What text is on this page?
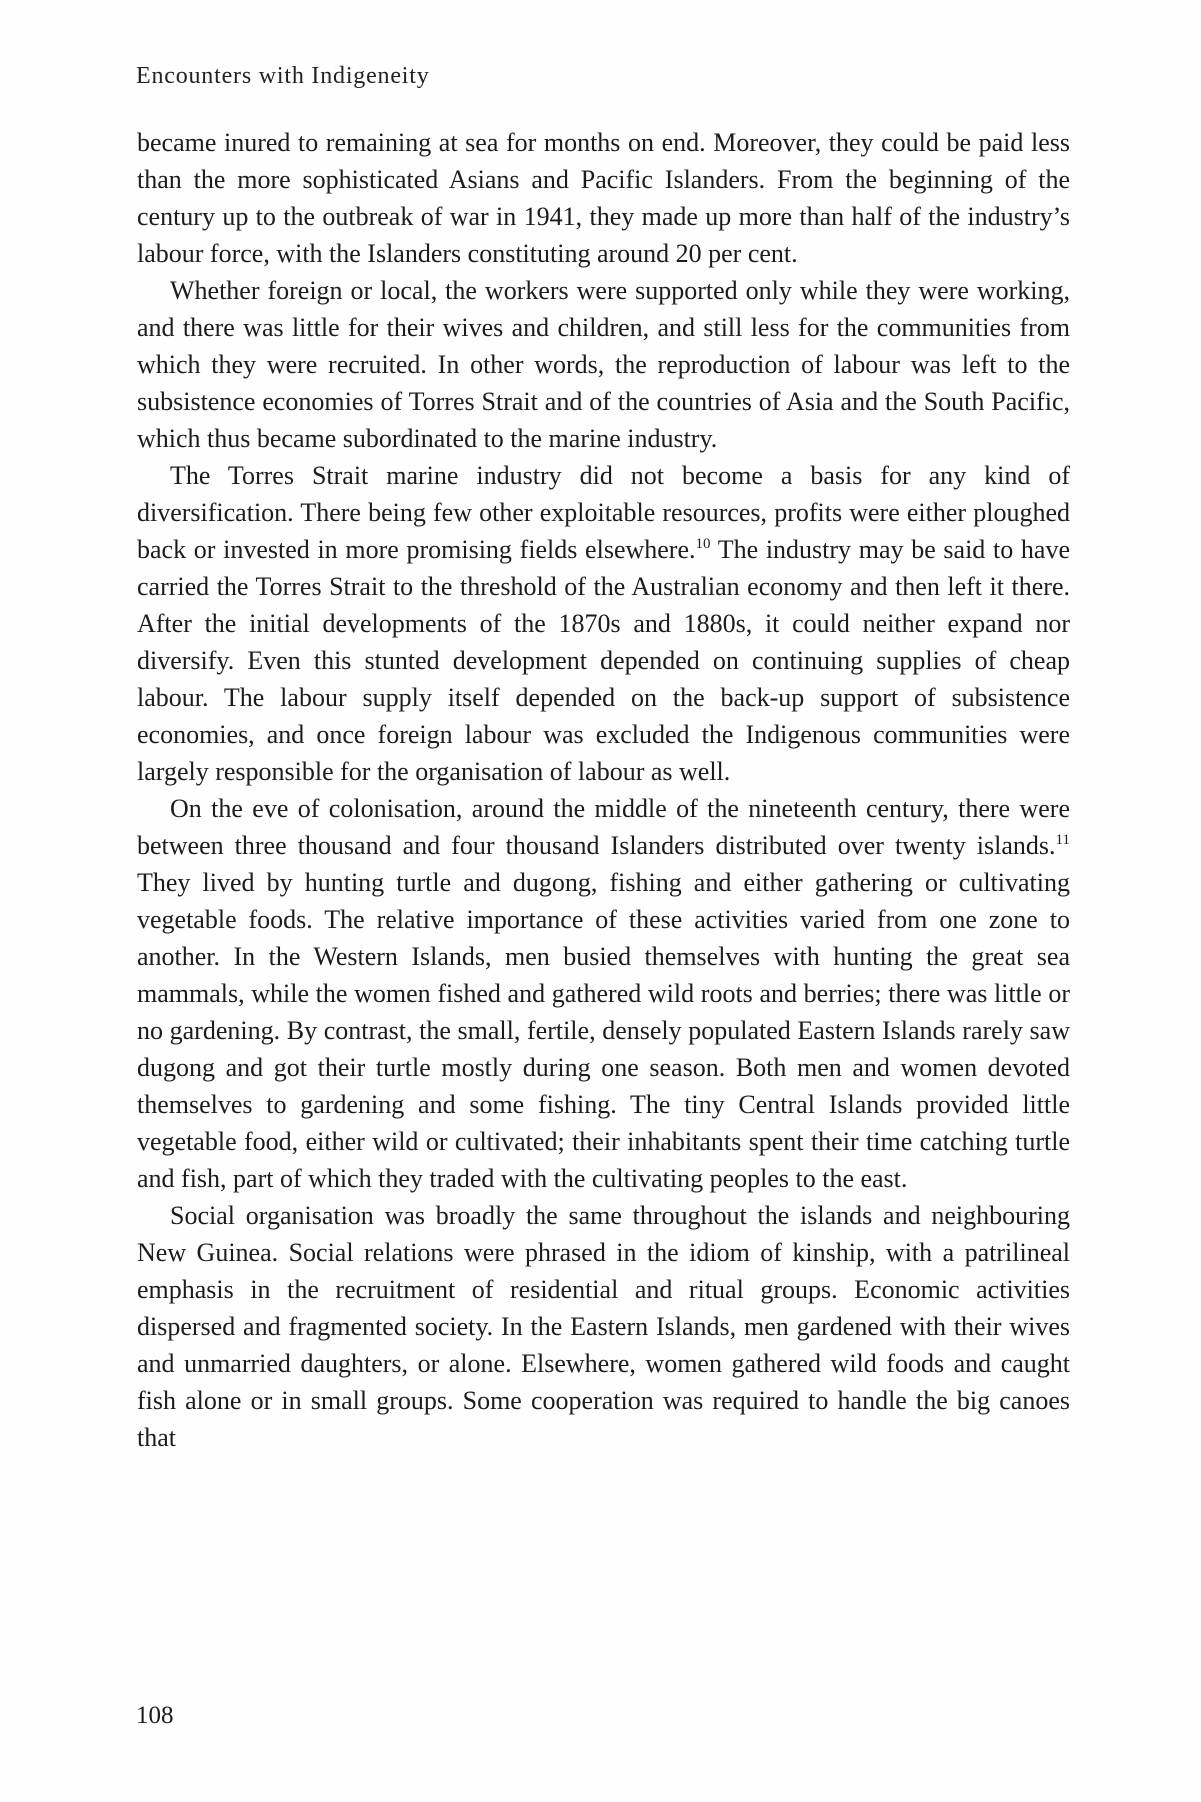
Encounters with Indigeneity

became inured to remaining at sea for months on end. Moreover, they could be paid less than the more sophisticated Asians and Pacific Islanders. From the beginning of the century up to the outbreak of war in 1941, they made up more than half of the industry’s labour force, with the Islanders constituting around 20 per cent.

Whether foreign or local, the workers were supported only while they were working, and there was little for their wives and children, and still less for the communities from which they were recruited. In other words, the reproduction of labour was left to the subsistence economies of Torres Strait and of the countries of Asia and the South Pacific, which thus became subordinated to the marine industry.

The Torres Strait marine industry did not become a basis for any kind of diversification. There being few other exploitable resources, profits were either ploughed back or invested in more promising fields elsewhere.$^{10}$ The industry may be said to have carried the Torres Strait to the threshold of the Australian economy and then left it there. After the initial developments of the 1870s and 1880s, it could neither expand nor diversify. Even this stunted development depended on continuing supplies of cheap labour. The labour supply itself depended on the back-up support of subsistence economies, and once foreign labour was excluded the Indigenous communities were largely responsible for the organisation of labour as well.

On the eve of colonisation, around the middle of the nineteenth century, there were between three thousand and four thousand Islanders distributed over twenty islands.$^{11}$ They lived by hunting turtle and dugong, fishing and either gathering or cultivating vegetable foods. The relative importance of these activities varied from one zone to another. In the Western Islands, men busied themselves with hunting the great sea mammals, while the women fished and gathered wild roots and berries; there was little or no gardening. By contrast, the small, fertile, densely populated Eastern Islands rarely saw dugong and got their turtle mostly during one season. Both men and women devoted themselves to gardening and some fishing. The tiny Central Islands provided little vegetable food, either wild or cultivated; their inhabitants spent their time catching turtle and fish, part of which they traded with the cultivating peoples to the east.

Social organisation was broadly the same throughout the islands and neighbouring New Guinea. Social relations were phrased in the idiom of kinship, with a patrilineal emphasis in the recruitment of residential and ritual groups. Economic activities dispersed and fragmented society. In the Eastern Islands, men gardened with their wives and unmarried daughters, or alone. Elsewhere, women gathered wild foods and caught fish alone or in small groups. Some cooperation was required to handle the big canoes that

108
